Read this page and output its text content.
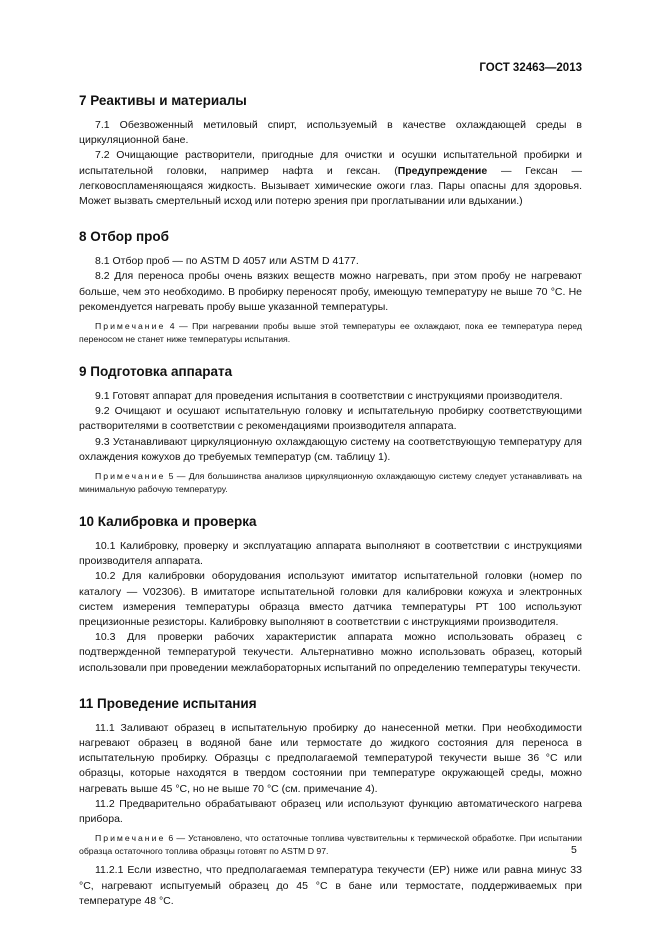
ГОСТ 32463—2013
7 Реактивы и материалы

7.1 Обезвоженный метиловый спирт, используемый в качестве охлаждающей среды в циркуляционной бане.

7.2 Очищающие растворители, пригодные для очистки и осушки испытательной пробирки и испытательной головки, например нафта и гексан. (Предупреждение — Гексан — легковоспламеняющаяся жидкость. Вызывает химические ожоги глаз. Пары опасны для здоровья. Может вызвать смертельный исход или потерю зрения при проглатывании или вдыхании.)

8 Отбор проб

8.1 Отбор проб — по ASTM D 4057 или ASTM D 4177.

8.2 Для переноса пробы очень вязких веществ можно нагревать, при этом пробу не нагревают больше, чем это необходимо. В пробирку переносят пробу, имеющую температуру не выше 70 °С. Не рекомендуется нагревать пробу выше указанной температуры.

Примечание 4 — При нагревании пробы выше этой температуры ее охлаждают, пока ее температура перед переносом не станет ниже температуры испытания.

9 Подготовка аппарата

9.1 Готовят аппарат для проведения испытания в соответствии с инструкциями производителя.

9.2 Очищают и осушают испытательную головку и испытательную пробирку соответствующими растворителями в соответствии с рекомендациями производителя аппарата.

9.3 Устанавливают циркуляционную охлаждающую систему на соответствующую температуру для охлаждения кожухов до требуемых температур (см. таблицу 1).

Примечание 5 — Для большинства анализов циркуляционную охлаждающую систему следует устанавливать на минимальную рабочую температуру.

10 Калибровка и проверка

10.1 Калибровку, проверку и эксплуатацию аппарата выполняют в соответствии с инструкциями производителя аппарата.

10.2 Для калибровки оборудования используют имитатор испытательной головки (номер по каталогу — V02306). В имитаторе испытательной головки для калибровки кожуха и электронных систем измерения температуры образца вместо датчика температуры РТ 100 используют прецизионные резисторы. Калибровку выполняют в соответствии с инструкциями производителя.

10.3 Для проверки рабочих характеристик аппарата можно использовать образец с подтвержденной температурой текучести. Альтернативно можно использовать образец, который использовали при проведении межлабораторных испытаний по определению температуры текучести.

11 Проведение испытания

11.1 Заливают образец в испытательную пробирку до нанесенной метки. При необходимости нагревают образец в водяной бане или термостате до жидкого состояния для переноса в испытательную пробирку. Образцы с предполагаемой температурой текучести выше 36 °С или образцы, которые находятся в твердом состоянии при температуре окружающей среды, можно нагревать выше 45 °С, но не выше 70 °С (см. примечание 4).

11.2 Предварительно обрабатывают образец или используют функцию автоматического нагрева прибора.

Примечание 6 — Установлено, что остаточные топлива чувствительны к термической обработке. При испытании образца остаточного топлива образцы готовят по ASTM D 97.

11.2.1 Если известно, что предполагаемая температура текучести (ЕР) ниже или равна минус 33 °С, нагревают испытуемый образец до 45 °С в бане или термостате, поддерживаемых при температуре 48 °С.

5
